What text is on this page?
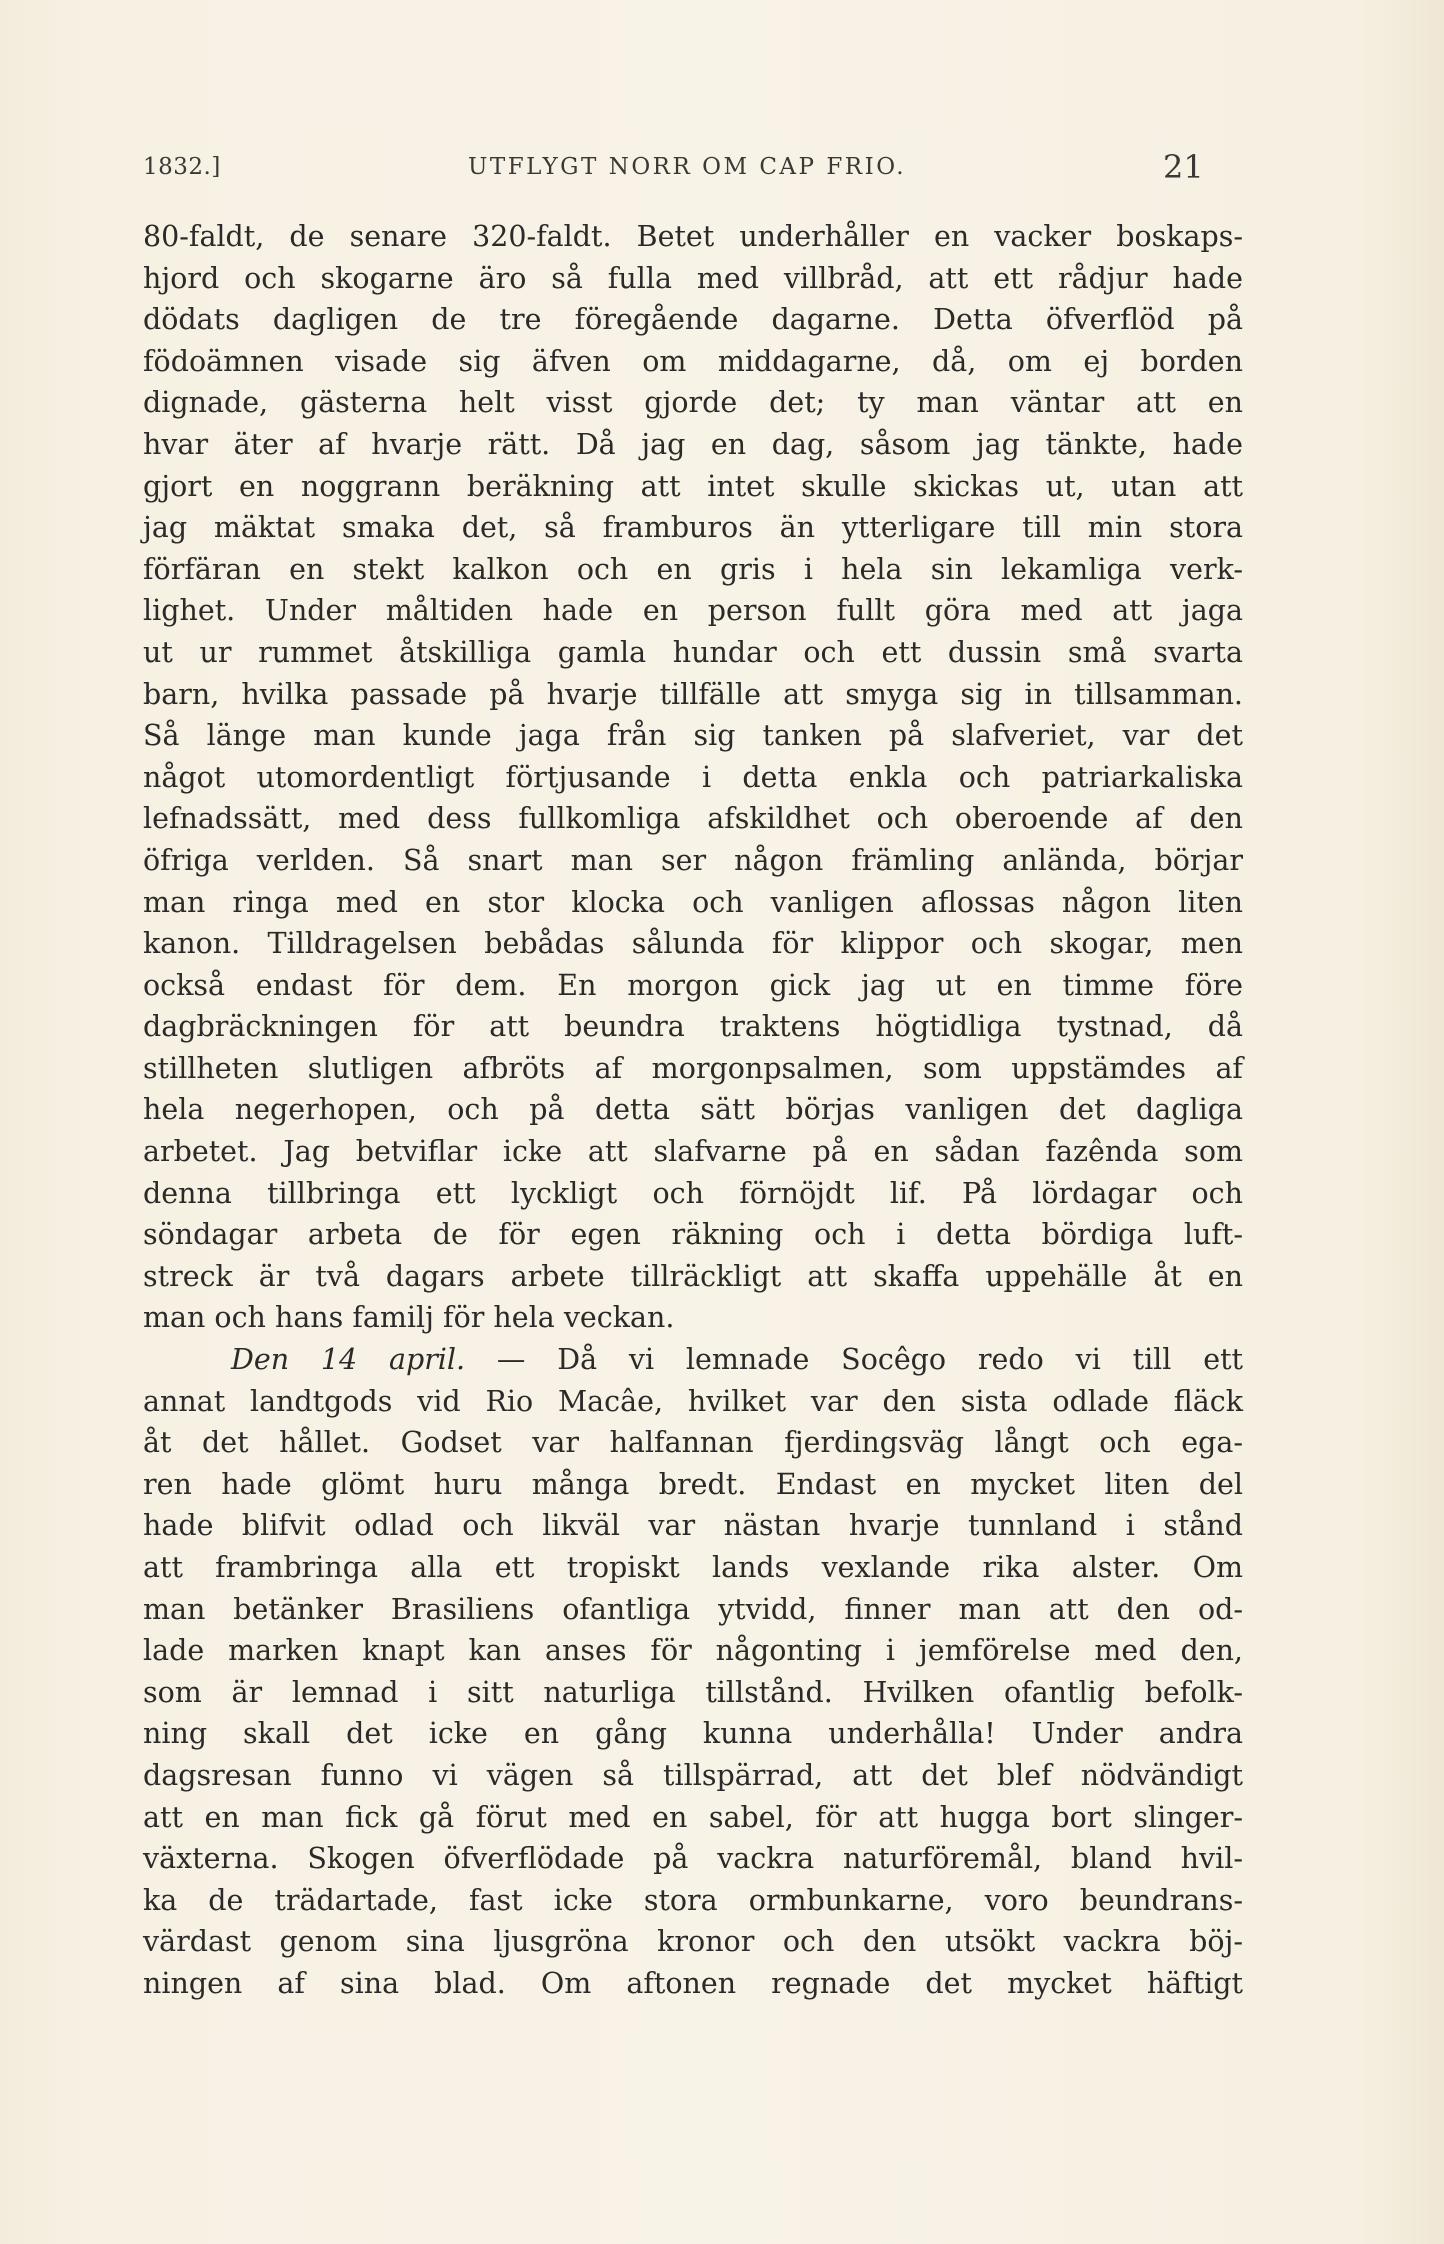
1832.]	UTFLYGT NORR OM CAP FRIO.	21
80-faldt, de senare 320-faldt. Betet underhåller en vacker boskaps-
hjord och skogarne äro så fulla med villbråd, att ett rådjur hade
dödats dagligen de tre föregående dagarne. Detta öfverflöd på
födoämnen visade sig äfven om middagarne, då, om ej borden
dignade, gästerna helt visst gjorde det; ty man väntar att en
hvar äter af hvarje rätt. Då jag en dag, såsom jag tänkte, hade
gjort en noggrann beräkning att intet skulle skickas ut, utan att
jag mäktat smaka det, så framburos än ytterligare till min stora
förfäran en stekt kalkon och en gris i hela sin lekamliga verk-
lighet. Under måltiden hade en person fullt göra med att jaga
ut ur rummet åtskilliga gamla hundar och ett dussin små svarta
barn, hvilka passade på hvarje tillfälle att smyga sig in tillsamman.
Så länge man kunde jaga från sig tanken på slafveriet, var det
något utomordentligt förtjusande i detta enkla och patriarkaliska
lefnadssätt, med dess fullkomliga afskildhet och oberoende af den
öfriga verlden. Så snart man ser någon främling anlända, börjar
man ringa med en stor klocka och vanligen aflossas någon liten
kanon. Tilldragelsen bebådas sålunda för klippor och skogar, men
också endast för dem. En morgon gick jag ut en timme före
dagbräckningen för att beundra traktens högtidliga tystnad, då
stillheten slutligen afbröts af morgonpsalmen, som uppstämdes af
hela negerhopen, och på detta sätt börjas vanligen det dagliga
arbetet. Jag betviflar icke att slafvarne på en sådan fazênda som
denna tillbringa ett lyckligt och förnöjdt lif. På lördagar och
söndagar arbeta de för egen räkning och i detta bördiga luft-
streck är två dagars arbete tillräckligt att skaffa uppehälle åt en
man och hans familj för hela veckan.
Den 14 april. — Då vi lemnade Socêgo redo vi till ett
annat landtgods vid Rio Macâe, hvilket var den sista odlade fläck
åt det hållet. Godset var halfannan fjerdingsväg långt och ega-
ren hade glömt huru många bredt. Endast en mycket liten del
hade blifvit odlad och likväl var nästan hvarje tunnland i stånd
att frambringa alla ett tropiskt lands vexlande rika alster. Om
man betänker Brasiliens ofantliga ytvidd, finner man att den od-
lade marken knapt kan anses för någonting i jemförelse med den,
som är lemnad i sitt naturliga tillstånd. Hvilken ofantlig befolk-
ning skall det icke en gång kunna underhålla! Under andra
dagsresan funno vi vägen så tillspärrad, att det blef nödvändigt
att en man fick gå förut med en sabel, för att hugga bort slinger-
växterna. Skogen öfverflödade på vackra naturföremål, bland hvil-
ka de trädartade, fast icke stora ormbunkarne, voro beundrans-
värdast genom sina ljusgröna kronor och den utsökt vackra böj-
ningen af sina blad. Om aftonen regnade det mycket häftigt
